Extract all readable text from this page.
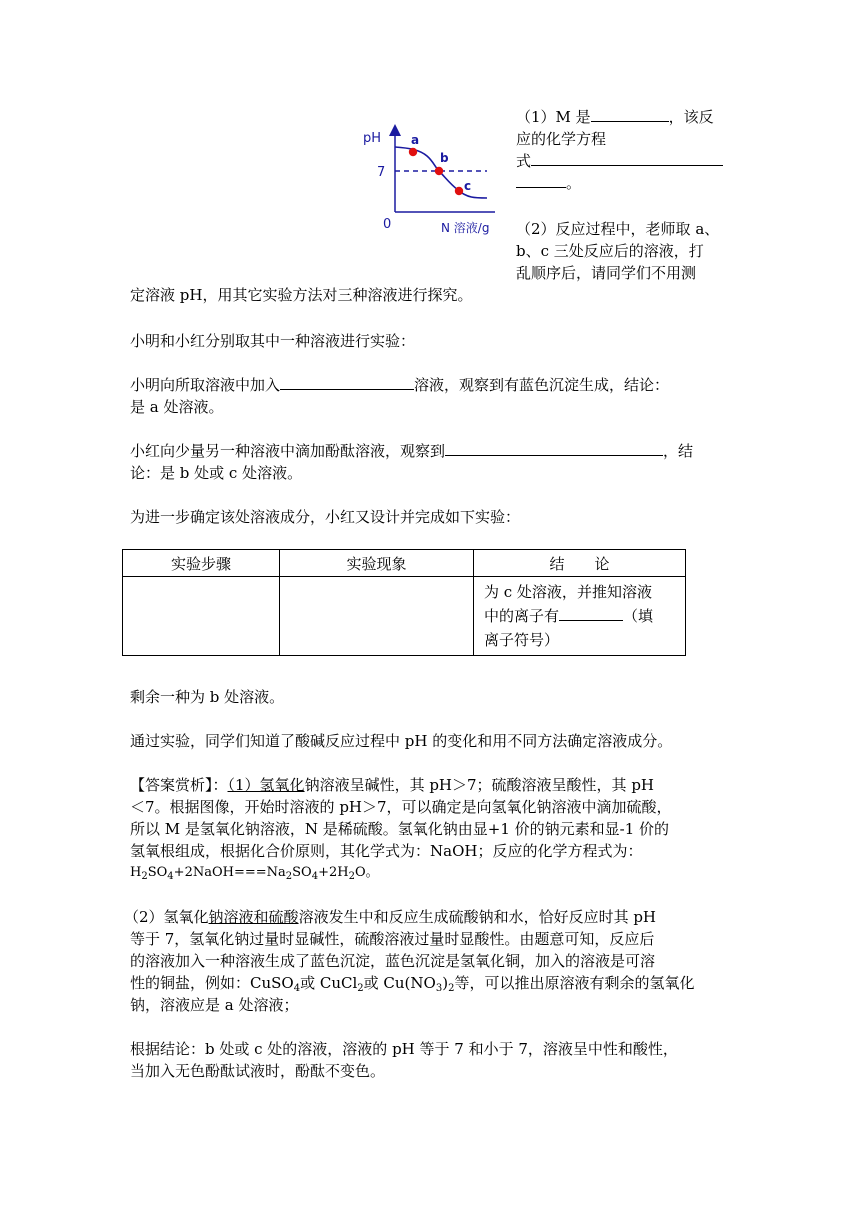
pH
7
a
b
c
0	N 溶液/g
（1）M 是	，该反
应的化学方程
式
。
（2）反应过程中，老师取 a、
b、c 三处反应后的溶液，打
乱顺序后，请同学们不用测
定溶液 pH，用其它实验方法对三种溶液进行探究。
小明和小红分别取其中一种溶液进行实验：
小明向所取溶液中加入	溶液，观察到有蓝色沉淀生成，结论：
是 a 处溶液。
小红向少量另一种溶液中滴加酚酞溶液，观察到	，结
论：是 b 处或 c 处溶液。
为进一步确定该处溶液成分，小红又设计并完成如下实验：
实验步骤	实验现象	结　　论

		为 c 处溶液，并推知溶液
中的离子有 （填
离子符号）
剩余一种为 b 处溶液。
通过实验，同学们知道了酸碱反应过程中 pH 的变化和用不同方法确定溶液成分。
【答案赏析】：（1）氢氧化钠溶液呈碱性，其 pH＞7；硫酸溶液呈酸性，其 pH
＜7。根据图像，开始时溶液的 pH＞7，可以确定是向氢氧化钠溶液中滴加硫酸，
所以 M 是氢氧化钠溶液，N 是稀硫酸。氢氧化钠由显+1 价的钠元素和显-1 价的
氢氧根组成，根据化合价原则，其化学式为：NaOH；反应的化学方程式为：
$H_2SO_4+2NaOH===Na_2SO_4+2H_2O$。
（2）氢氧化钠溶液和硫酸溶液发生中和反应生成硫酸钠和水，恰好反应时其 pH
等于 7，氢氧化钠过量时显碱性，硫酸溶液过量时显酸性。由题意可知，反应后
的溶液加入一种溶液生成了蓝色沉淀，蓝色沉淀是氢氧化铜，加入的溶液是可溶
性的铜盐，例如：CuSO$_4$或 CuCl$_2$或 $Cu(NO_3)_2$等，可以推出原溶液有剩余的氢氧化
钠，溶液应是 a 处溶液；
根据结论：b 处或 c 处的溶液，溶液的 pH 等于 7 和小于 7，溶液呈中性和酸性，
当加入无色酚酞试液时，酚酞不变色。
